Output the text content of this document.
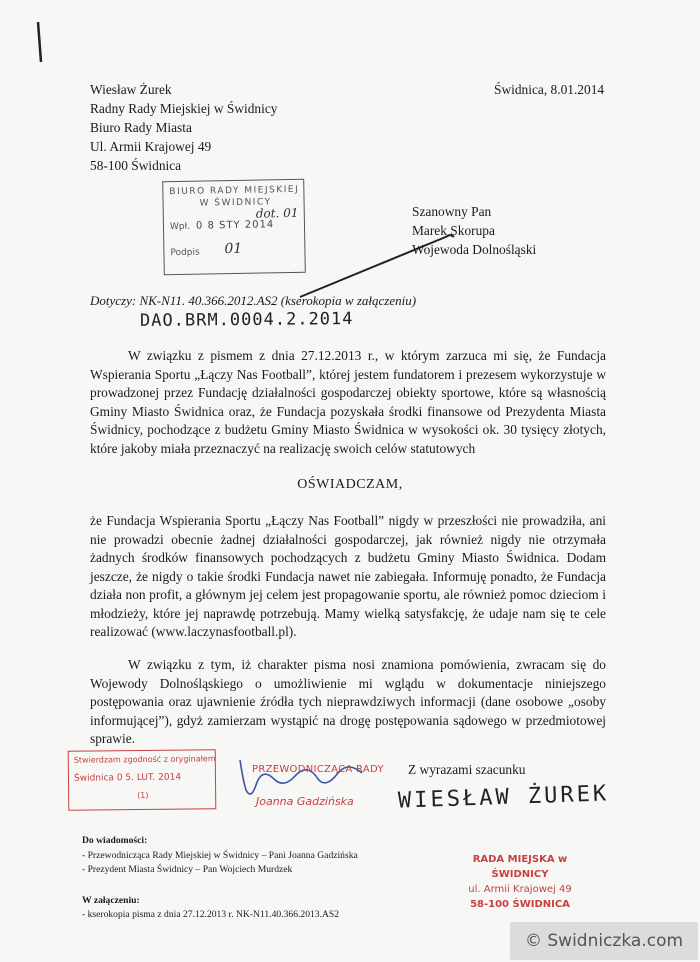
Wiesław Żurek
Radny Rady Miejskiej w Świdnicy
Biuro Rady Miasta
Ul. Armii Krajowej 49
58-100 Świdnica
Świdnica, 8.01.2014
BIURO RADY MIEJSKIEJ
W ŚWIDNICY
dot. 01
Wpł. 0 8 STY 2014
Podpis 01
Szanowny Pan
Marek Skorupa
Wojewoda Dolnośląski
Dotyczy: NK-N11. 40.366.2012.AS2 (kserokopia w załączeniu)
DAO.BRM.0004.2.2014

W związku z pismem z dnia 27.12.2013 r., w którym zarzuca mi się, że Fundacja Wspierania Sportu „Łączy Nas Football”, której jestem fundatorem i prezesem wykorzystuje w prowadzonej przez Fundację działalności gospodarczej obiekty sportowe, które są własnością Gminy Miasto Świdnica oraz, że Fundacja pozyskała środki finansowe od Prezydenta Miasta Świdnicy, pochodzące z budżetu Gminy Miasto Świdnica w wysokości ok. 30 tysięcy złotych, które jakoby miała przeznaczyć na realizację swoich celów statutowych

OŚWIADCZAM,

że Fundacja Wspierania Sportu „Łączy Nas Football” nigdy w przeszłości nie prowadziła, ani nie prowadzi obecnie żadnej działalności gospodarczej, jak również nigdy nie otrzymała żadnych środków finansowych pochodzących z budżetu Gminy Miasto Świdnica. Dodam jeszcze, że nigdy o takie środki Fundacja nawet nie zabiegała. Informuję ponadto, że Fundacja działa non profit, a głównym jej celem jest propagowanie sportu, ale również pomoc dzieciom i młodzieży, które jej naprawdę potrzebują. Mamy wielką satysfakcję, że udaje nam się te cele realizować (www.laczynasfootball.pl).

W związku z tym, iż charakter pisma nosi znamiona pomówienia, zwracam się do Wojewody Dolnośląskiego o umożliwienie mi wglądu w dokumentacje niniejszego postępowania oraz ujawnienie źródła tych nieprawdziwych informacji (dane osobowe „osoby informującej”), gdyż zamierzam wystąpić na drogę postępowania sądowego w przedmiotowej sprawie.

Stwierdzam zgodność z oryginałem
Świdnica 0 5. LUT. 2014
(1)
PRZEWODNICZĄCA RADY
Joanna Gadzińska
Z wyrazami szacunku
WIESŁAW ŻUREK
Do wiadomości:
- Przewodnicząca Rady Miejskiej w Świdnicy – Pani Joanna Gadzińska
- Prezydent Miasta Świdnicy – Pan Wojciech Murdzek
RADA MIEJSKA w ŚWIDNICY
ul. Armii Krajowej 49
58-100 ŚWIDNICA
W załączeniu:
- kserokopia pisma z dnia 27.12.2013 r. NK-N11.40.366.2013.AS2
© Swidniczka.com
